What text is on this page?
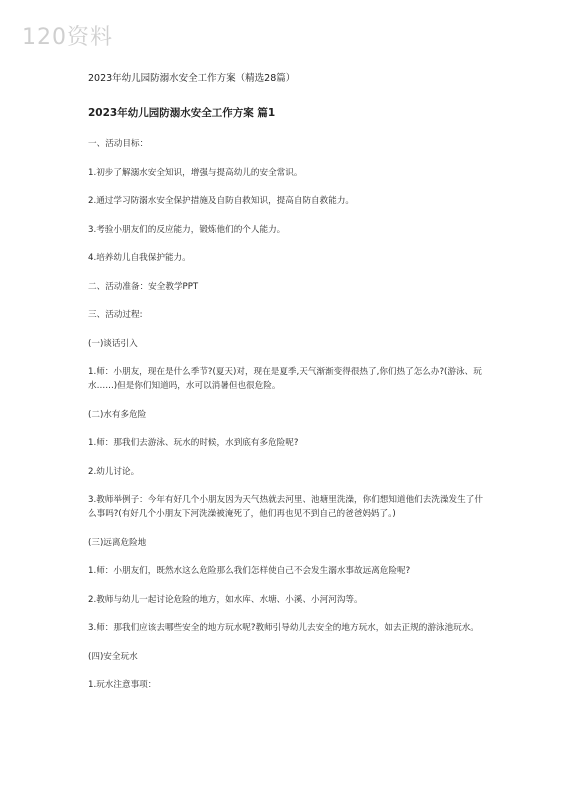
120资料
2023年幼儿园防溺水安全工作方案（精选28篇）
2023年幼儿园防溺水安全工作方案 篇1

一、活动目标：

1.初步了解溺水安全知识，增强与提高幼儿的安全常识。

2.通过学习防溺水安全保护措施及自防自救知识，提高自防自救能力。

3.考验小朋友们的反应能力，锻炼他们的个人能力。

4.培养幼儿自我保护能力。

二、活动准备：安全教学PPT

三、活动过程:

(一)谈话引入

1.师：小朋友，现在是什么季节?(夏天)对，现在是夏季,天气渐渐变得很热了,你们热了怎么办?(游泳、玩水……)但是你们知道吗，水可以消暑但也很危险。

(二)水有多危险

1.师：那我们去游泳、玩水的时候，水到底有多危险呢?

2.幼儿讨论。

3.教师举例子：今年有好几个小朋友因为天气热就去河里、池塘里洗澡，你们想知道他们去洗澡发生了什么事吗?(有好几个小朋友下河洗澡被淹死了，他们再也见不到自己的爸爸妈妈了。)

(三)远离危险地

1.师：小朋友们，既然水这么危险那么我们怎样使自己不会发生溺水事故远离危险呢?

2.教师与幼儿一起讨论危险的地方，如水库、水塘、小溪、小河河沟等。

3.师：那我们应该去哪些安全的地方玩水呢?教师引导幼儿去安全的地方玩水，如去正规的游泳池玩水。

(四)安全玩水

1.玩水注意事项：
